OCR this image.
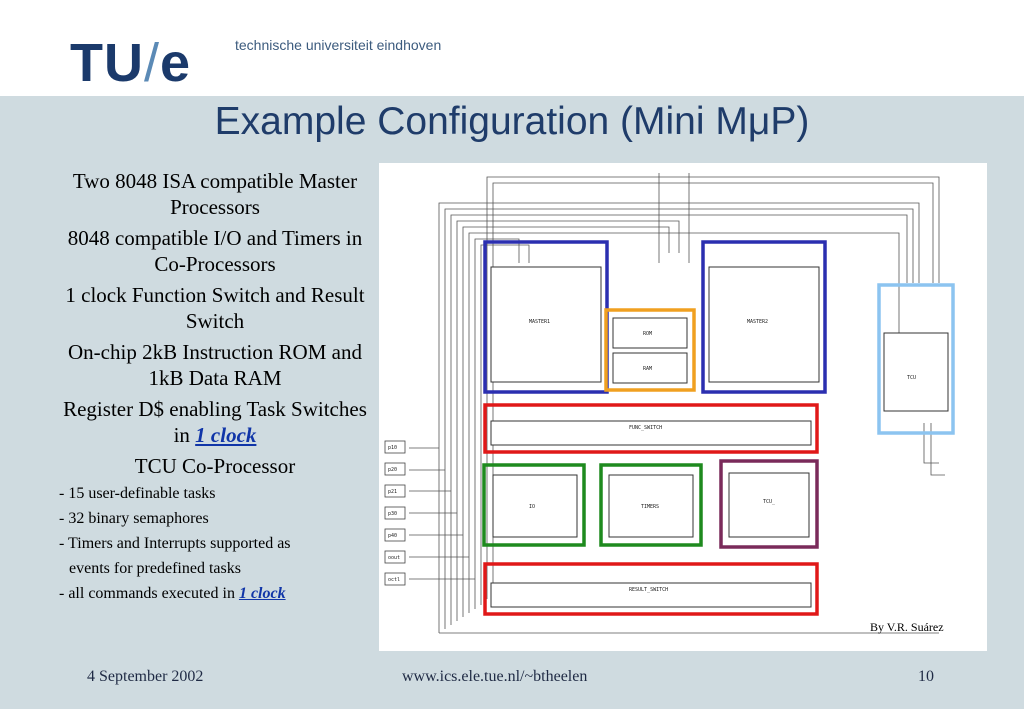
TU/e	technische universiteit eindhoven
Example Configuration (Mini MμP)
Two 8048 ISA compatible Master Processors
8048 compatible I/O and Timers in Co-Processors
1 clock Function Switch and Result Switch
On-chip 2kB Instruction ROM and 1kB Data RAM
Register D$ enabling Task Switches in 1 clock
TCU Co-Processor
- 15 user-definable tasks
- 32 binary semaphores
- Timers and Interrupts supported as
events for predefined tasks
- all commands executed in 1 clock
p10
p20
p21
p30
p40
oout
octl
MASTER1	MASTER2
ROM
RAM
TCU
FUNC_SWITCH
IO	TIMERS
TCU_
RESULT_SWITCH
By V.R. Suárez
4 September 2002	www.ics.ele.tue.nl/~btheelen	10
